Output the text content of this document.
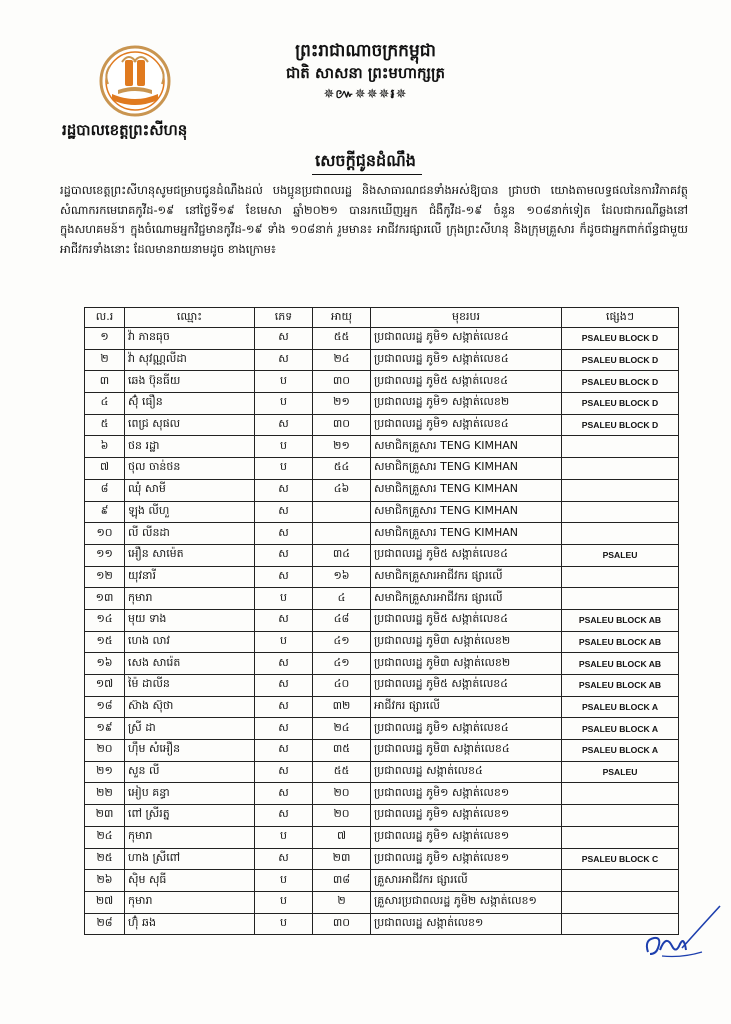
ព្រះរាជាណាចក្រកម្ពុជា
ជាតិ សាសនា ព្រះមហាក្សត្រ
✵៚✵✵✵៛✵
រដ្ឋបាលខេត្តព្រះសីហនុ
សេចក្តីជូនដំណឹង
រដ្ឋបាលខេត្តព្រះសីហនុសូមជម្រាបជូនដំណឹងដល់ បងប្អូនប្រជាពលរដ្ឋ និងសាធារណជនទាំងអស់ឱ្យបាន ជ្រាបថា យោងតាមលទ្ធផលនៃការវិភាគវត្ថុសំណាករកមេរោគកូវីដ-១៩ នៅថ្ងៃទី១៩ ខែមេសា ឆ្នាំ២០២១ បានរកឃើញអ្នក ជំងឺកូវីដ-១៩ ចំនួន ១០៨នាក់ទៀត ដែលជាករណីឆ្លងនៅក្នុងសហគមន៍។ ក្នុងចំណោមអ្នកវិជ្ជមានកូវីដ-១៩ ទាំង ១០៨នាក់ រួមមាន៖ អាជីវករផ្សារលើ ក្រុងព្រះសីហនុ និងក្រុមគ្រួសារ ក៏ដូចជាអ្នកពាក់ព័ន្ធជាមួយអាជីវករទាំងនោះ ដែលមានរាយនាមដូច ខាងក្រោម៖
ល.រ	ឈ្មោះ	ភេទ	អាយុ	មុខរបរ	ផ្សេងៗ
១	វ៉ា ភានធុច	ស	៥៥	ប្រជាពលរដ្ឋ ភូមិ១ សង្កាត់លេខ៤	PSALEU BLOCK D
២	វ៉ា សុវណ្ណលីដា	ស	២៤	ប្រជាពលរដ្ឋ ភូមិ១ សង្កាត់លេខ៤	PSALEU BLOCK D
៣	ឆេង ប៊ុនធីយ	ប	៣០	ប្រជាពលរដ្ឋ ភូមិ៥ សង្កាត់លេខ៤	PSALEU BLOCK D
៤	ស៊ុំ ធឿន	ប	២១	ប្រជាពលរដ្ឋ ភូមិ១ សង្កាត់លេខ២	PSALEU BLOCK D
៥	ពេជ្រ សុផល	ស	៣០	ប្រជាពលរដ្ឋ ភូមិ១ សង្កាត់លេខ៤	PSALEU BLOCK D
៦	ថន រដ្ឋា	ប	២១	សមាជិកគ្រួសារ TENG KIMHAN	
៧	ថុល ចាន់ថន	ប	៥៤	សមាជិកគ្រួសារ TENG KIMHAN	
៨	ឈុំ សាមី	ស	៤៦	សមាជិកគ្រួសារ TENG KIMHAN	
៩	ឡុង លីហួ	ស		សមាជិកគ្រួសារ TENG KIMHAN	
១០	លី លីនដា	ស		សមាជិកគ្រួសារ TENG KIMHAN	
១១	អឿន សាម៉េត	ស	៣៤	ប្រជាពលរដ្ឋ ភូមិ៥ សង្កាត់លេខ៤	PSALEU
១២	យុវនារី	ស	១៦	សមាជិកគ្រួសារអាជីវករ ផ្សារលើ	
១៣	កុមារា	ប	៤	សមាជិកគ្រួសារអាជីវករ ផ្សារលើ	
១៤	មុយ ទាង	ស	៤៨	ប្រជាពលរដ្ឋ ភូមិ៥ សង្កាត់លេខ៤	PSALEU BLOCK AB
១៥	ហេង លាវ	ប	៤១	ប្រជាពលរដ្ឋ ភូមិ៣ សង្កាត់លេខ២	PSALEU BLOCK AB
១៦	សេង សារ៉េត	ស	៤១	ប្រជាពលរដ្ឋ ភូមិ៣ សង្កាត់លេខ២	PSALEU BLOCK AB
១៧	ម៉ៃ ដាលីន	ស	៤០	ប្រជាពលរដ្ឋ ភូមិ៥ សង្កាត់លេខ៤	PSALEU BLOCK AB
១៨	ស៊ាង ស៊ុថា	ស	៣២	អាជីវករ ផ្សារលើ	PSALEU BLOCK A
១៩	ស្រី ដា	ស	២៤	ប្រជាពលរដ្ឋ ភូមិ១ សង្កាត់លេខ៤	PSALEU BLOCK A
២០	ហ៊ឹម សំអឿន	ស	៣៥	ប្រជាពលរដ្ឋ ភូមិ៣ សង្កាត់លេខ៤	PSALEU BLOCK A
២១	សួន លី	ស	៥៥	ប្រជាពលរដ្ឋ សង្កាត់លេខ៤	PSALEU
២២	អៀប គន្ធា	ស	២០	ប្រជាពលរដ្ឋ ភូមិ១ សង្កាត់លេខ១	
២៣	ពៅ ស្រីរត្ន	ស	២០	ប្រជាពលរដ្ឋ ភូមិ១ សង្កាត់លេខ១	
២៤	កុមារា	ប	៧	ប្រជាពលរដ្ឋ ភូមិ១ សង្កាត់លេខ១	
២៥	ហាង ស្រីពៅ	ស	២៣	ប្រជាពលរដ្ឋ ភូមិ១ សង្កាត់លេខ១	PSALEU BLOCK C
២៦	ស៊ិម សុធី	ប	៣៨	គ្រួសារអាជីវករ ផ្សារលើ	
២៧	កុមារា	ប	២	គ្រួសារប្រជាពលរដ្ឋ ភូមិ២ សង្កាត់លេខ១	
២៨	ហ៊ុំ ឆង	ប	៣០	ប្រជាពលរដ្ឋ សង្កាត់លេខ១	
